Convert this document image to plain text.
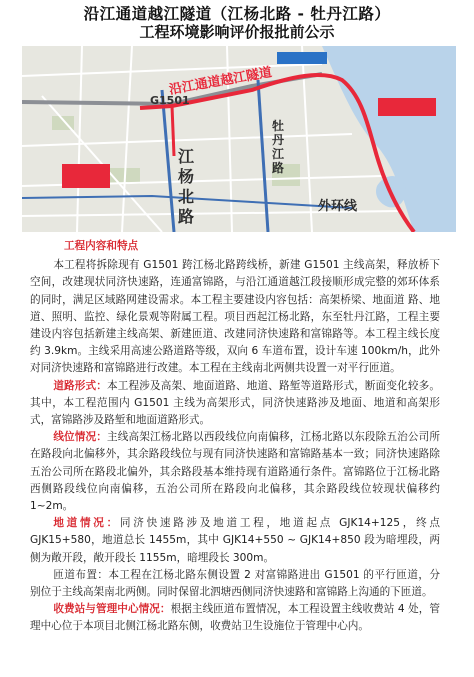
沿江通道越江隧道（江杨北路 - 牡丹江路）
工程环境影响评价报批前公示
G1501
沿江通道越江隧道
江
杨
北
路
牡
丹
江
路
外环线

工程内容和特点

本工程将拆除现有 G1501 跨江杨北路跨线桥，新建 G1501 主线高架，释放桥下空间，改建现状同济快速路，连通富锦路，与沿江通道越江段接顺形成完整的郊环体系的同时，满足区域路网建设需求。本工程主要建设内容包括：高架桥梁、地面道 路、地道、照明、监控、绿化景观等附属工程。项目西起江杨北路，东至牡丹江路，工程主要建设内容包括新建主线高架、新建匝道、改建同济快速路和富锦路等。本工程主线长度约 3.9km。主线采用高速公路道路等级，双向 6 车道布置，设计车速 100km/h，此外对同济快速路和富锦路进行改建。本工程在主线南北两侧共设置一对平行匝道。

道路形式：本工程涉及高架、地面道路、地道、路堑等道路形式，断面变化较多。其中，本工程范围内 G1501 主线为高架形式，同济快速路涉及地面、地道和高架形式，富锦路涉及路堑和地面道路形式。

线位情况：主线高架江杨北路以西段线位向南偏移，江杨北路以东段除五治公司所在路段向北偏移外，其余路段线位与现有同济快速路和富锦路基本一致；同济快速路除五治公司所在路段北偏外，其余路段基本维持现有道路通行条件。富锦路位于江杨北路西侧路段线位向南偏移，五治公司所在路段向北偏移，其余路段线位较现状偏移约 1~2m。

地道情况：同济快速路涉及地道工程，地道起点 GJK14+125，终点 GJK15+580，地道总长 1455m，其中 GJK14+550 ~ GJK14+850 段为暗埋段，两侧为敞开段，敞开段长 1155m，暗埋段长 300m。

匝道布置：本工程在江杨北路东侧设置 2 对富锦路进出 G1501 的平行匝道，分 别位于主线高架南北两侧。同时保留北泗塘西侧同济快速路和富锦路上沟通的下匝道。

收费站与管理中心情况：根据主线匝道布置情况，本工程设置主线收费站 4 处，管理中心位于本项目北侧江杨北路东侧，收费站卫生设施位于管理中心内。
